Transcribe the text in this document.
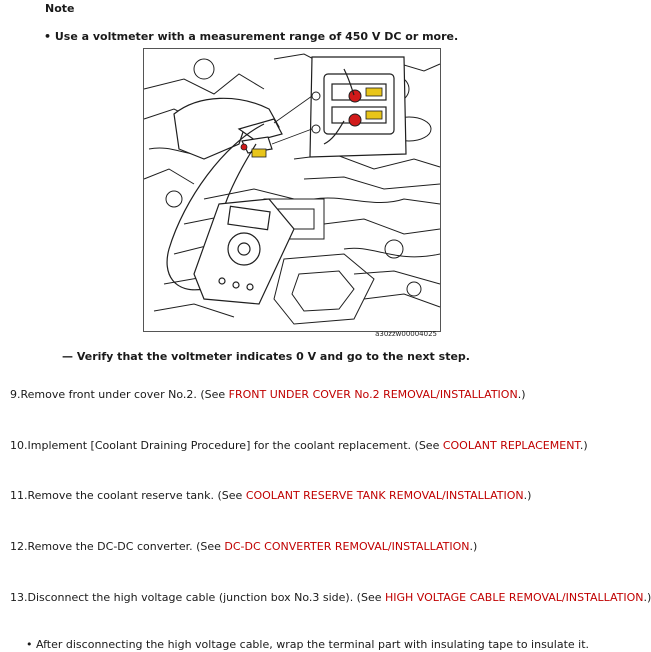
Note
• Use a voltmeter with a measurement range of 450 V DC or more.
a30zzw00004025
— Verify that the voltmeter indicates 0 V and go to the next step.
9.Remove front under cover No.2. (See FRONT UNDER COVER No.2 REMOVAL/INSTALLATION.)
10.Implement [Coolant Draining Procedure] for the coolant replacement. (See COOLANT REPLACEMENT.)
11.Remove the coolant reserve tank. (See COOLANT RESERVE TANK REMOVAL/INSTALLATION.)
12.Remove the DC-DC converter. (See DC-DC CONVERTER REMOVAL/INSTALLATION.)
13.Disconnect the high voltage cable (junction box No.3 side). (See HIGH VOLTAGE CABLE REMOVAL/INSTALLATION.)
• After disconnecting the high voltage cable, wrap the terminal part with insulating tape to insulate it.
